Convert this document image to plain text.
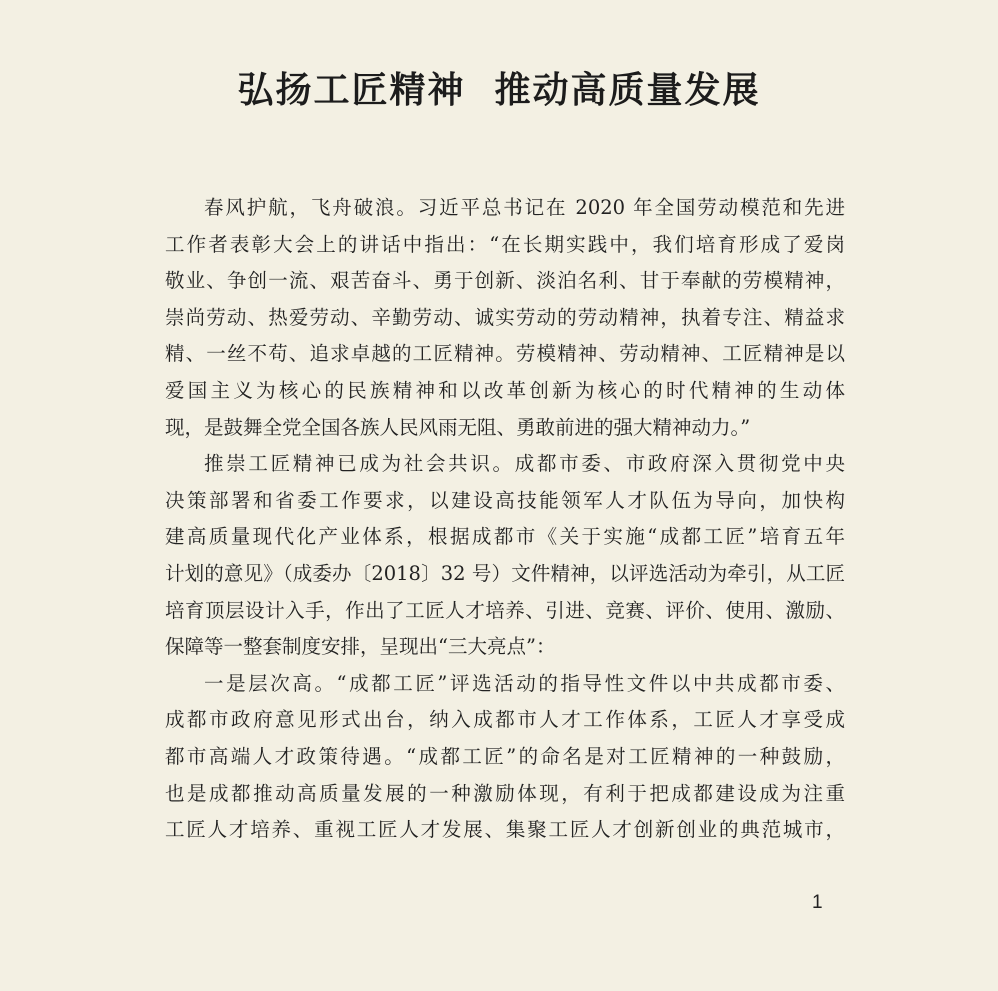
弘扬工匠精神  推动高质量发展
春风护航，飞舟破浪。习近平总书记在 2020 年全国劳动模范和先进
工作者表彰大会上的讲话中指出：“在长期实践中，我们培育形成了爱岗
敬业、争创一流、艰苦奋斗、勇于创新、淡泊名利、甘于奉献的劳模精神，
崇尚劳动、热爱劳动、辛勤劳动、诚实劳动的劳动精神，执着专注、精益求
精、一丝不苟、追求卓越的工匠精神。劳模精神、劳动精神、工匠精神是以
爱国主义为核心的民族精神和以改革创新为核心的时代精神的生动体
现，是鼓舞全党全国各族人民风雨无阻、勇敢前进的强大精神动力。”
推崇工匠精神已成为社会共识。成都市委、市政府深入贯彻党中央
决策部署和省委工作要求，以建设高技能领军人才队伍为导向，加快构
建高质量现代化产业体系，根据成都市《关于实施“成都工匠”培育五年
计划的意见》（成委办〔2018〕32 号）文件精神，以评选活动为牵引，从工匠
培育顶层设计入手，作出了工匠人才培养、引进、竞赛、评价、使用、激励、
保障等一整套制度安排，呈现出“三大亮点”：
一是层次高。“成都工匠”评选活动的指导性文件以中共成都市委、
成都市政府意见形式出台，纳入成都市人才工作体系，工匠人才享受成
都市高端人才政策待遇。“成都工匠”的命名是对工匠精神的一种鼓励，
也是成都推动高质量发展的一种激励体现，有利于把成都建设成为注重
工匠人才培养、重视工匠人才发展、集聚工匠人才创新创业的典范城市，
1
